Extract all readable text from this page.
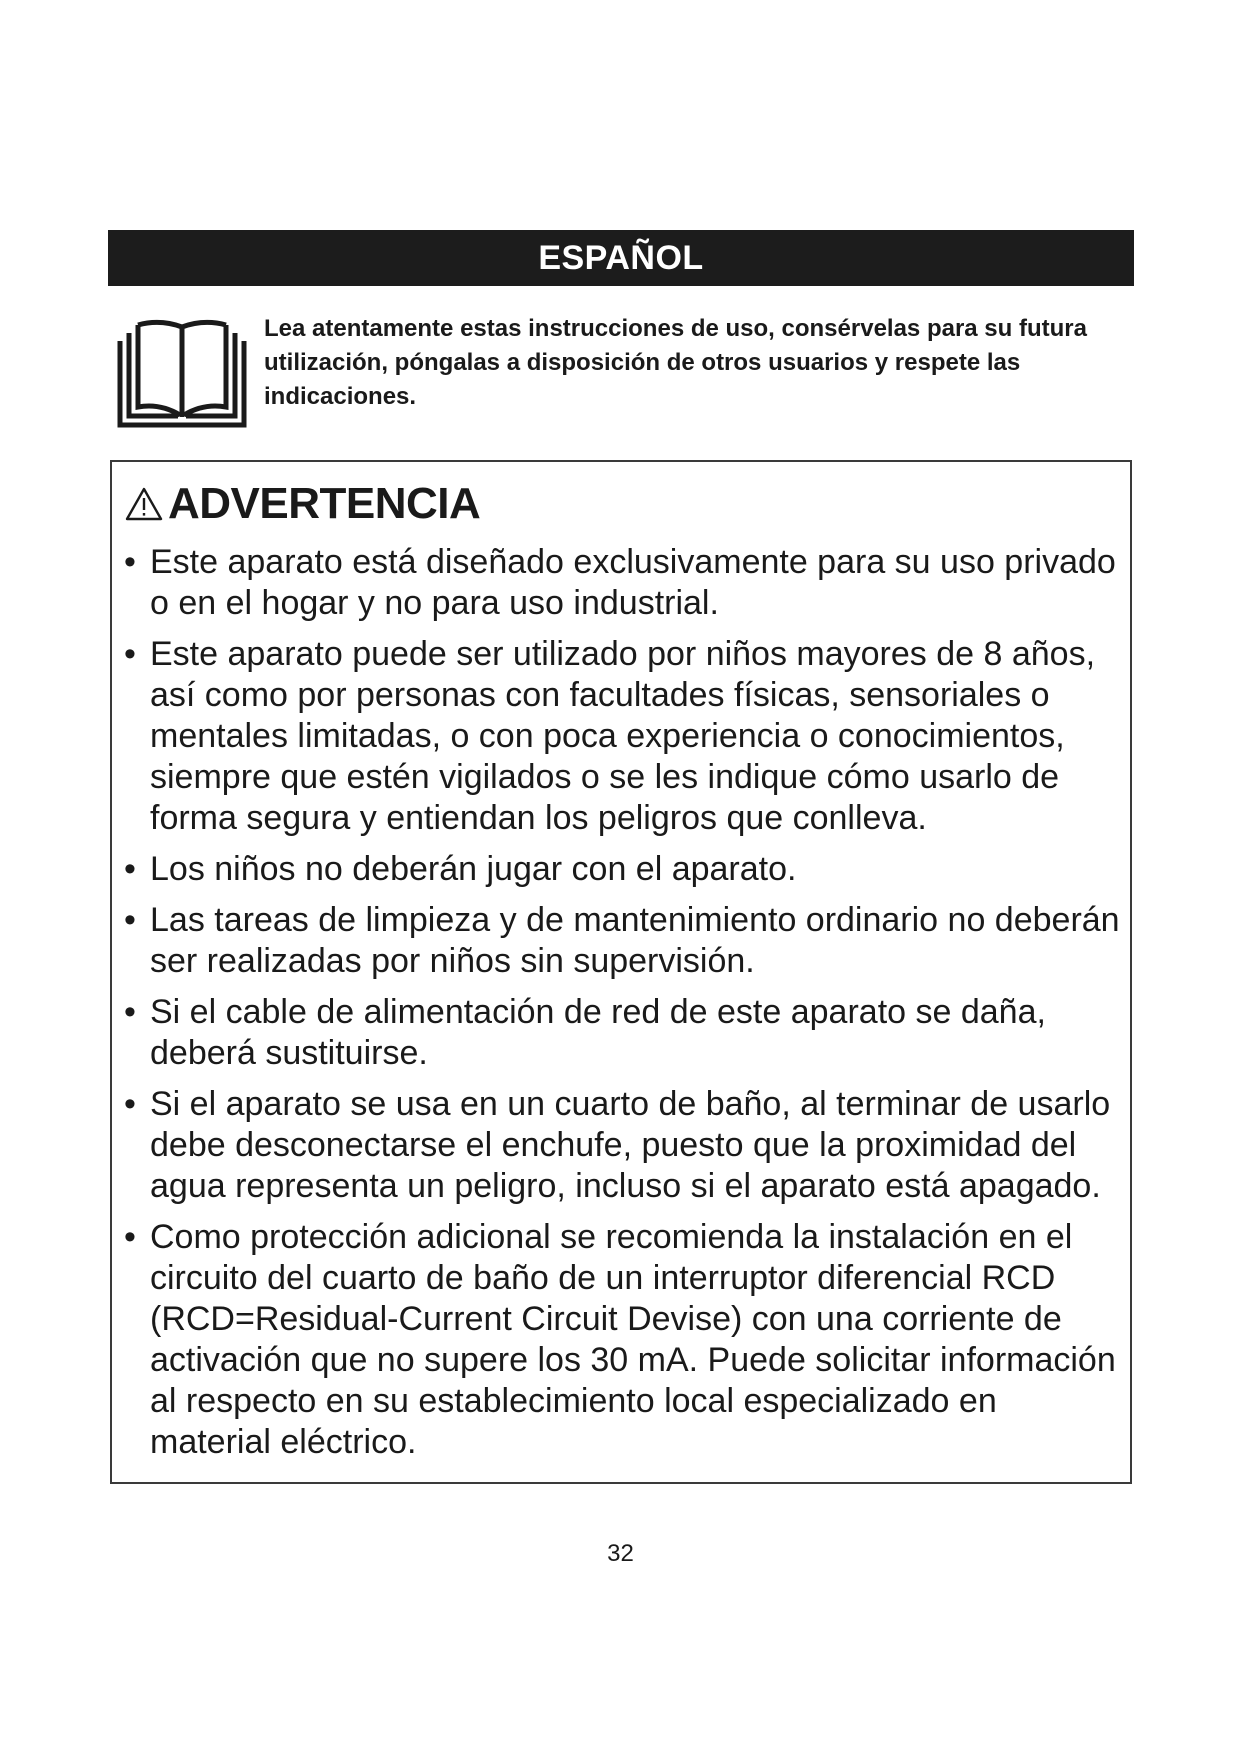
ESPAÑOL
Lea atentamente estas instrucciones de uso, consérvelas para su futura utilización, póngalas a disposición de otros usuarios y respete las indicaciones.
ADVERTENCIA
• Este aparato está diseñado exclusivamente para su uso privado o en el hogar y no para uso industrial.
• Este aparato puede ser utilizado por niños mayores de 8 años, así como por personas con facultades físicas, sensoriales o mentales limitadas, o con poca experiencia o conocimientos, siempre que estén vigilados o se les indique cómo usarlo de forma segura y entiendan los peligros que conlleva.
• Los niños no deberán jugar con el aparato.
• Las tareas de limpieza y de mantenimiento ordinario no deberán ser realizadas por niños sin supervisión.
• Si el cable de alimentación de red de este aparato se daña, deberá sustituirse.
• Si el aparato se usa en un cuarto de baño, al terminar de usarlo debe desconectarse el enchufe, puesto que la proximidad del agua representa un peligro, incluso si el aparato está apagado.
• Como protección adicional se recomienda la instalación en el circuito del cuarto de baño de un interruptor diferencial RCD (RCD=Residual-Current Circuit Devise) con una corriente de activación que no supere los 30 mA. Puede solicitar información al respecto en su establecimiento local especializado en material eléctrico.
32
